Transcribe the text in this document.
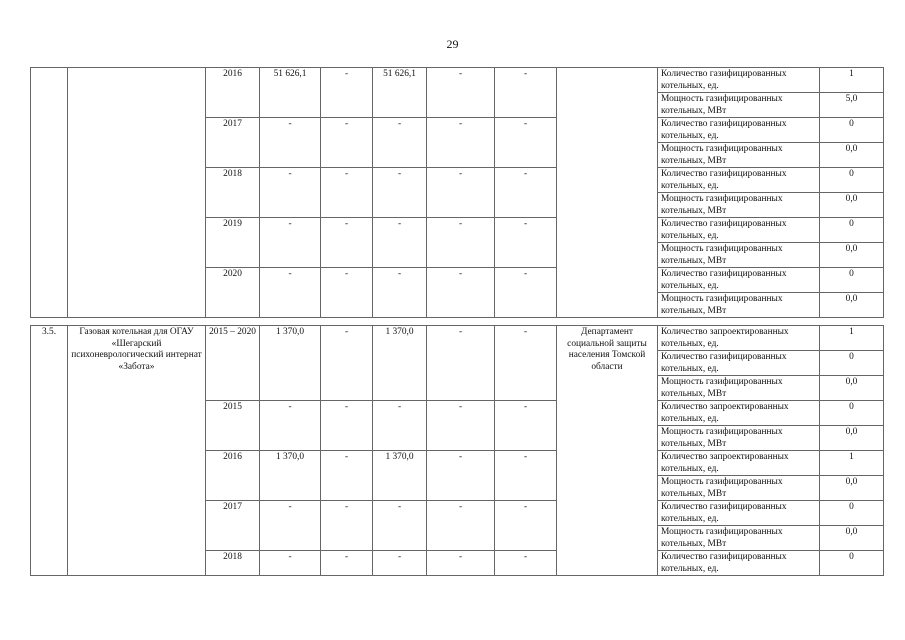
29
		2016	51 626,1	-	51 626,1	-	-		Количество газифицированных котельных, ед.	1
									Мощность газифицированных котельных, МВт	5,0
		2017	-	-	-	-	-		Количество газифицированных котельных, ед.	0
									Мощность газифицированных котельных, МВт	0,0
		2018	-	-	-	-	-		Количество газифицированных котельных, ед.	0
									Мощность газифицированных котельных, МВт	0,0
		2019	-	-	-	-	-		Количество газифицированных котельных, ед.	0
									Мощность газифицированных котельных, МВт	0,0
		2020	-	-	-	-	-		Количество газифицированных котельных, ед.	0
									Мощность газифицированных котельных, МВт	0,0

3.5.	Газовая котельная для ОГАУ «Шегарский психоневрологический интернат «Забота»	2015 – 2020	1 370,0	-	1 370,0	-	-	Департамент социальной защиты населения Томской области	Количество запроектированных котельных, ед.	1
									Количество газифицированных котельных, ед.	0
									Мощность газифицированных котельных, МВт	0,0
		2015	-	-	-	-	-		Количество запроектированных котельных, ед.	0
									Мощность газифицированных котельных, МВт	0,0
		2016	1 370,0	-	1 370,0	-	-		Количество запроектированных котельных, ед.	1
									Мощность газифицированных котельных, МВт	0,0
		2017	-	-	-	-	-		Количество газифицированных котельных, ед.	0
									Мощность газифицированных котельных, МВт	0,0
		2018	-	-	-	-	-		Количество газифицированных котельных, ед.	0
